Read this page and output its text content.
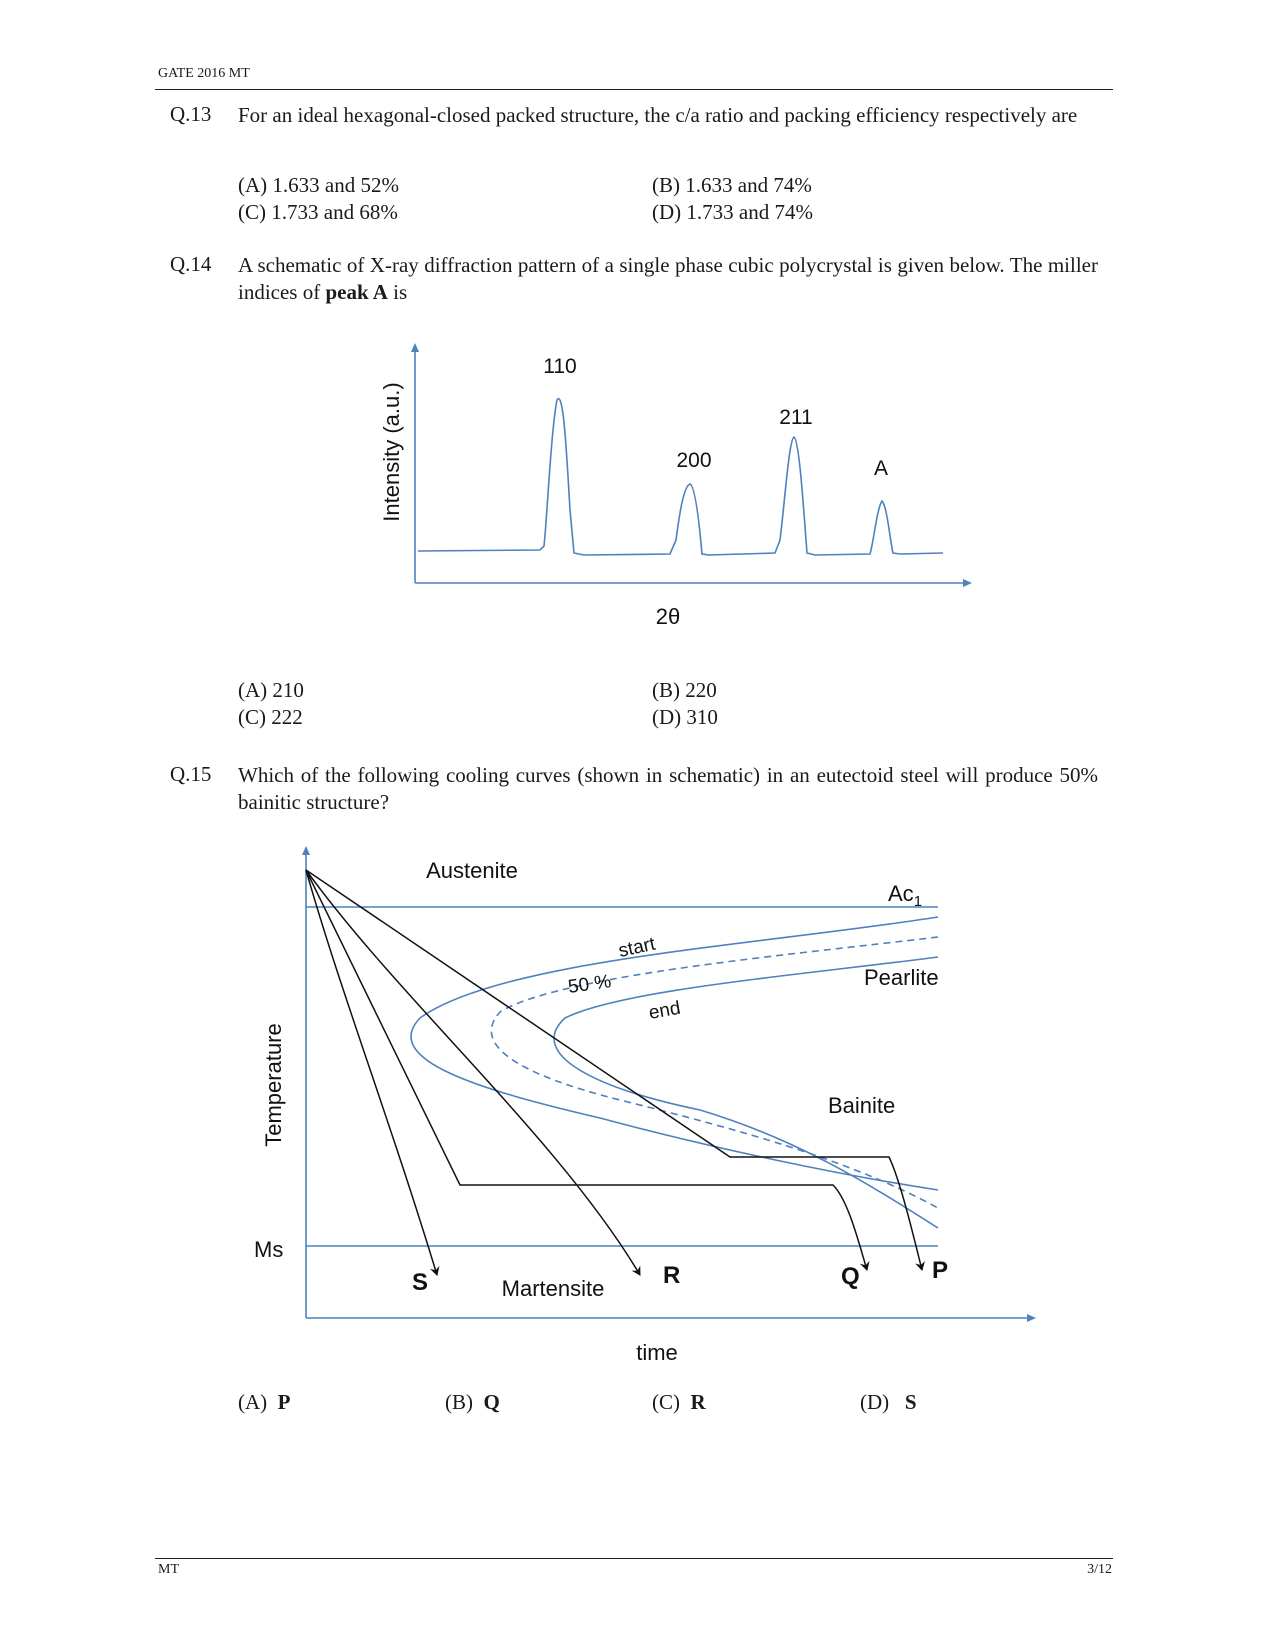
GATE 2016 MT
Q.13 For an ideal hexagonal-closed packed structure, the c/a ratio and packing efficiency respectively are
(A) 1.633 and 52%	(B) 1.633 and 74%
(C) 1.733 and 68%	(D) 1.733 and 74%
Q.14 A schematic of X-ray diffraction pattern of a single phase cubic polycrystal is given below. The miller indices of peak A is
(A) 210	(B) 220
(C) 222	(D) 310
Q.15 Which of the following cooling curves (shown in schematic) in an eutectoid steel will produce 50% bainitic structure?
(A) P	(B) Q	(C) R	(D) S
Intensity (a.u.)
2θ
110
200
211
A
Temperature
time
Austenite
$Ac_1$
start
50 %
end
Pearlite
Bainite
Ms
Martensite
S	R	Q	P
MT	3/12
